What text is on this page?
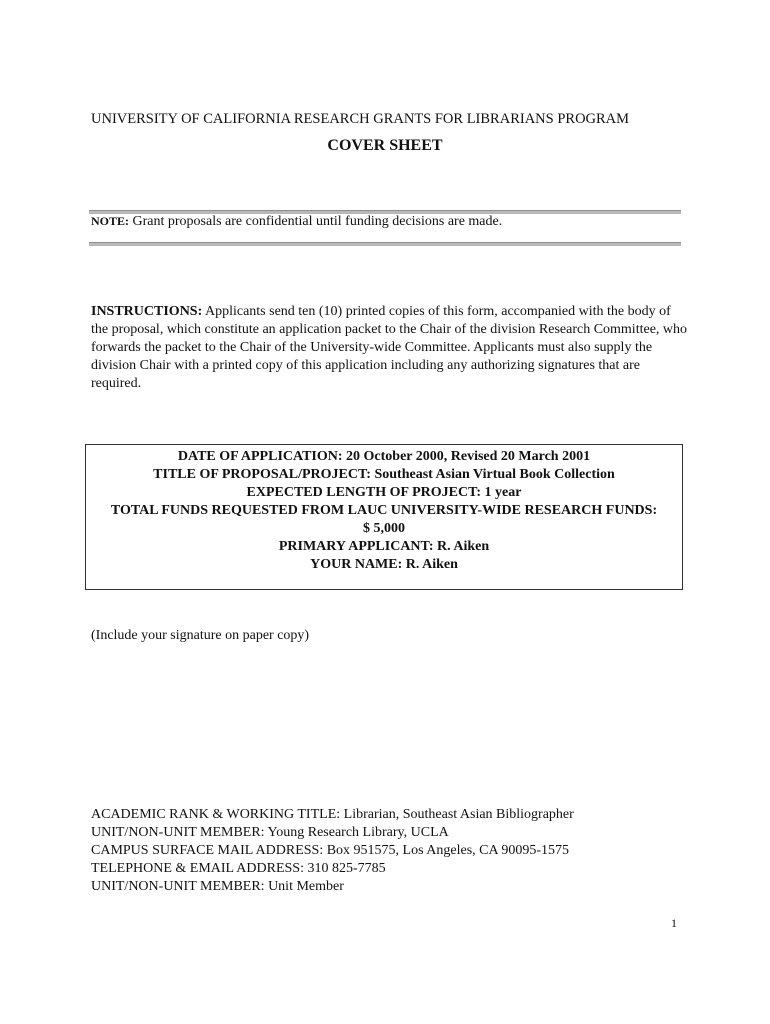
UNIVERSITY OF CALIFORNIA RESEARCH GRANTS FOR LIBRARIANS PROGRAM
COVER SHEET
NOTE: Grant proposals are confidential until funding decisions are made.
INSTRUCTIONS: Applicants send ten (10) printed copies of this form, accompanied with the body of the proposal, which constitute an application packet to the Chair of the division Research Committee, who forwards the packet to the Chair of the University-wide Committee. Applicants must also supply the division Chair with a printed copy of this application including any authorizing signatures that are required.
DATE OF APPLICATION: 20 October 2000, Revised 20 March 2001
TITLE OF PROPOSAL/PROJECT: Southeast Asian Virtual Book Collection
EXPECTED LENGTH OF PROJECT: 1 year
TOTAL FUNDS REQUESTED FROM LAUC UNIVERSITY-WIDE RESEARCH FUNDS:
$ 5,000
PRIMARY APPLICANT: R. Aiken
YOUR NAME: R. Aiken
(Include your signature on paper copy)
ACADEMIC RANK & WORKING TITLE: Librarian, Southeast Asian Bibliographer
UNIT/NON-UNIT MEMBER: Young Research Library, UCLA
CAMPUS SURFACE MAIL ADDRESS: Box 951575, Los Angeles, CA 90095-1575
TELEPHONE & EMAIL ADDRESS: 310 825-7785
UNIT/NON-UNIT MEMBER: Unit Member
1
